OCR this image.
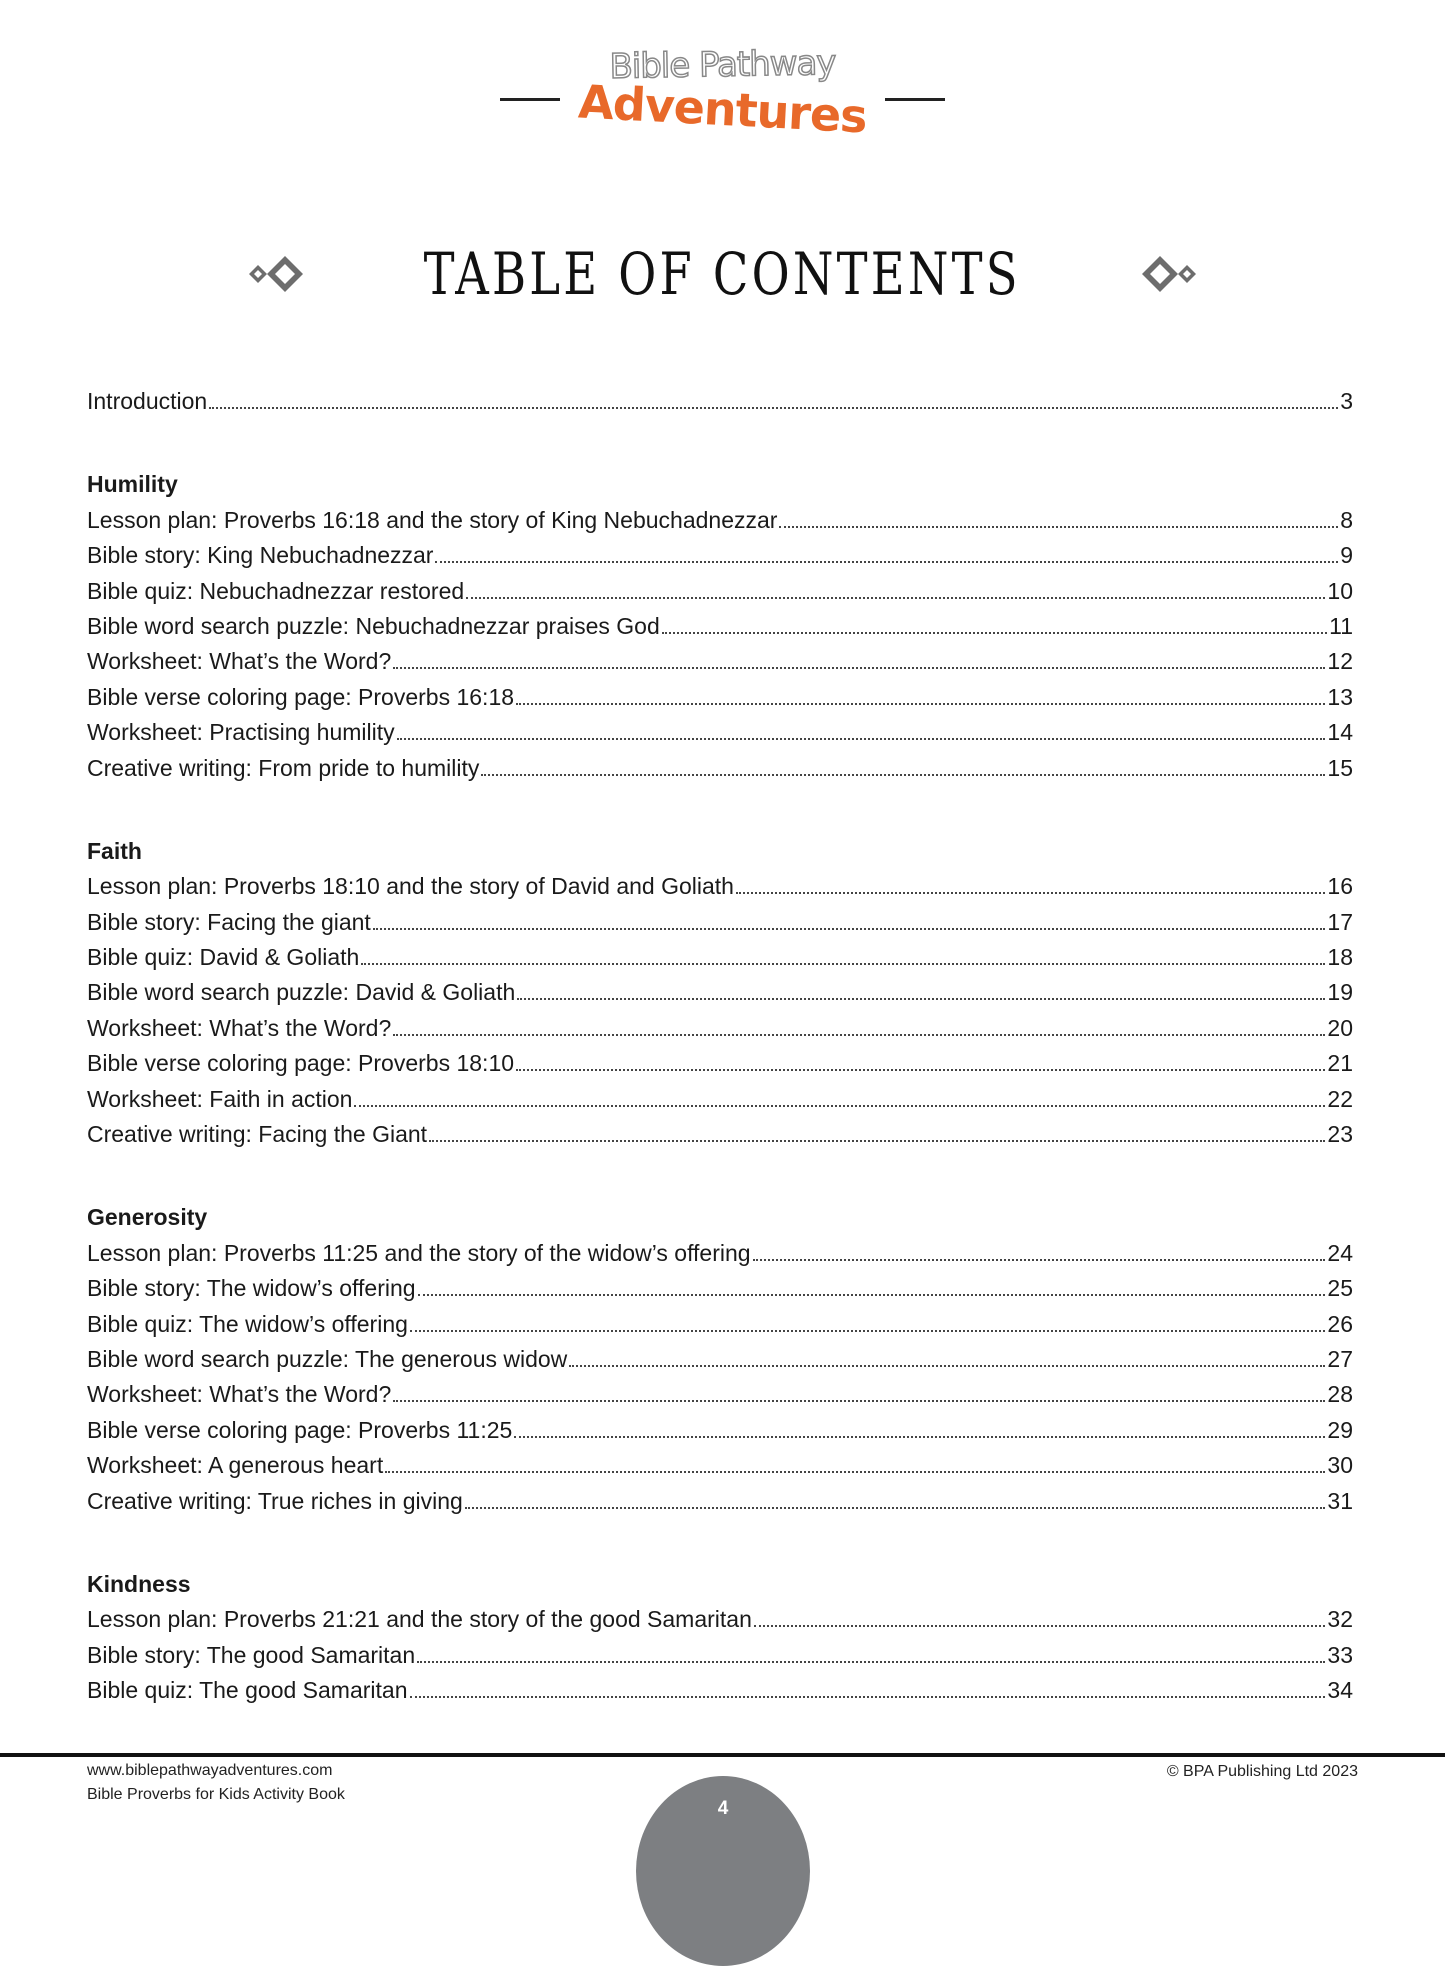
Bible Pathway
Adventures
TABLE OF CONTENTS
Introduction	3
Humility
Lesson plan: Proverbs 16:18 and the story of King Nebuchadnezzar	8
Bible story: King Nebuchadnezzar	9
Bible quiz: Nebuchadnezzar restored	10
Bible word search puzzle: Nebuchadnezzar praises God	11
Worksheet: What’s the Word?	12
Bible verse coloring page: Proverbs 16:18	13
Worksheet: Practising humility	14
Creative writing: From pride to humility	15
Faith
Lesson plan: Proverbs 18:10 and the story of David and Goliath	16
Bible story: Facing the giant	17
Bible quiz: David & Goliath	18
Bible word search puzzle: David & Goliath	19
Worksheet: What’s the Word?	20
Bible verse coloring page: Proverbs 18:10	21
Worksheet: Faith in action	22
Creative writing: Facing the Giant	23
Generosity
Lesson plan: Proverbs 11:25 and the story of the widow’s offering	24
Bible story: The widow’s offering	25
Bible quiz: The widow’s offering	26
Bible word search puzzle: The generous widow	27
Worksheet: What’s the Word?	28
Bible verse coloring page: Proverbs 11:25	29
Worksheet: A generous heart	30
Creative writing: True riches in giving	31
Kindness
Lesson plan: Proverbs 21:21 and the story of the good Samaritan	32
Bible story: The good Samaritan	33
Bible quiz: The good Samaritan	34
www.biblepathwayadventures.com
Bible Proverbs for Kids Activity Book
© BPA Publishing Ltd 2023
4
